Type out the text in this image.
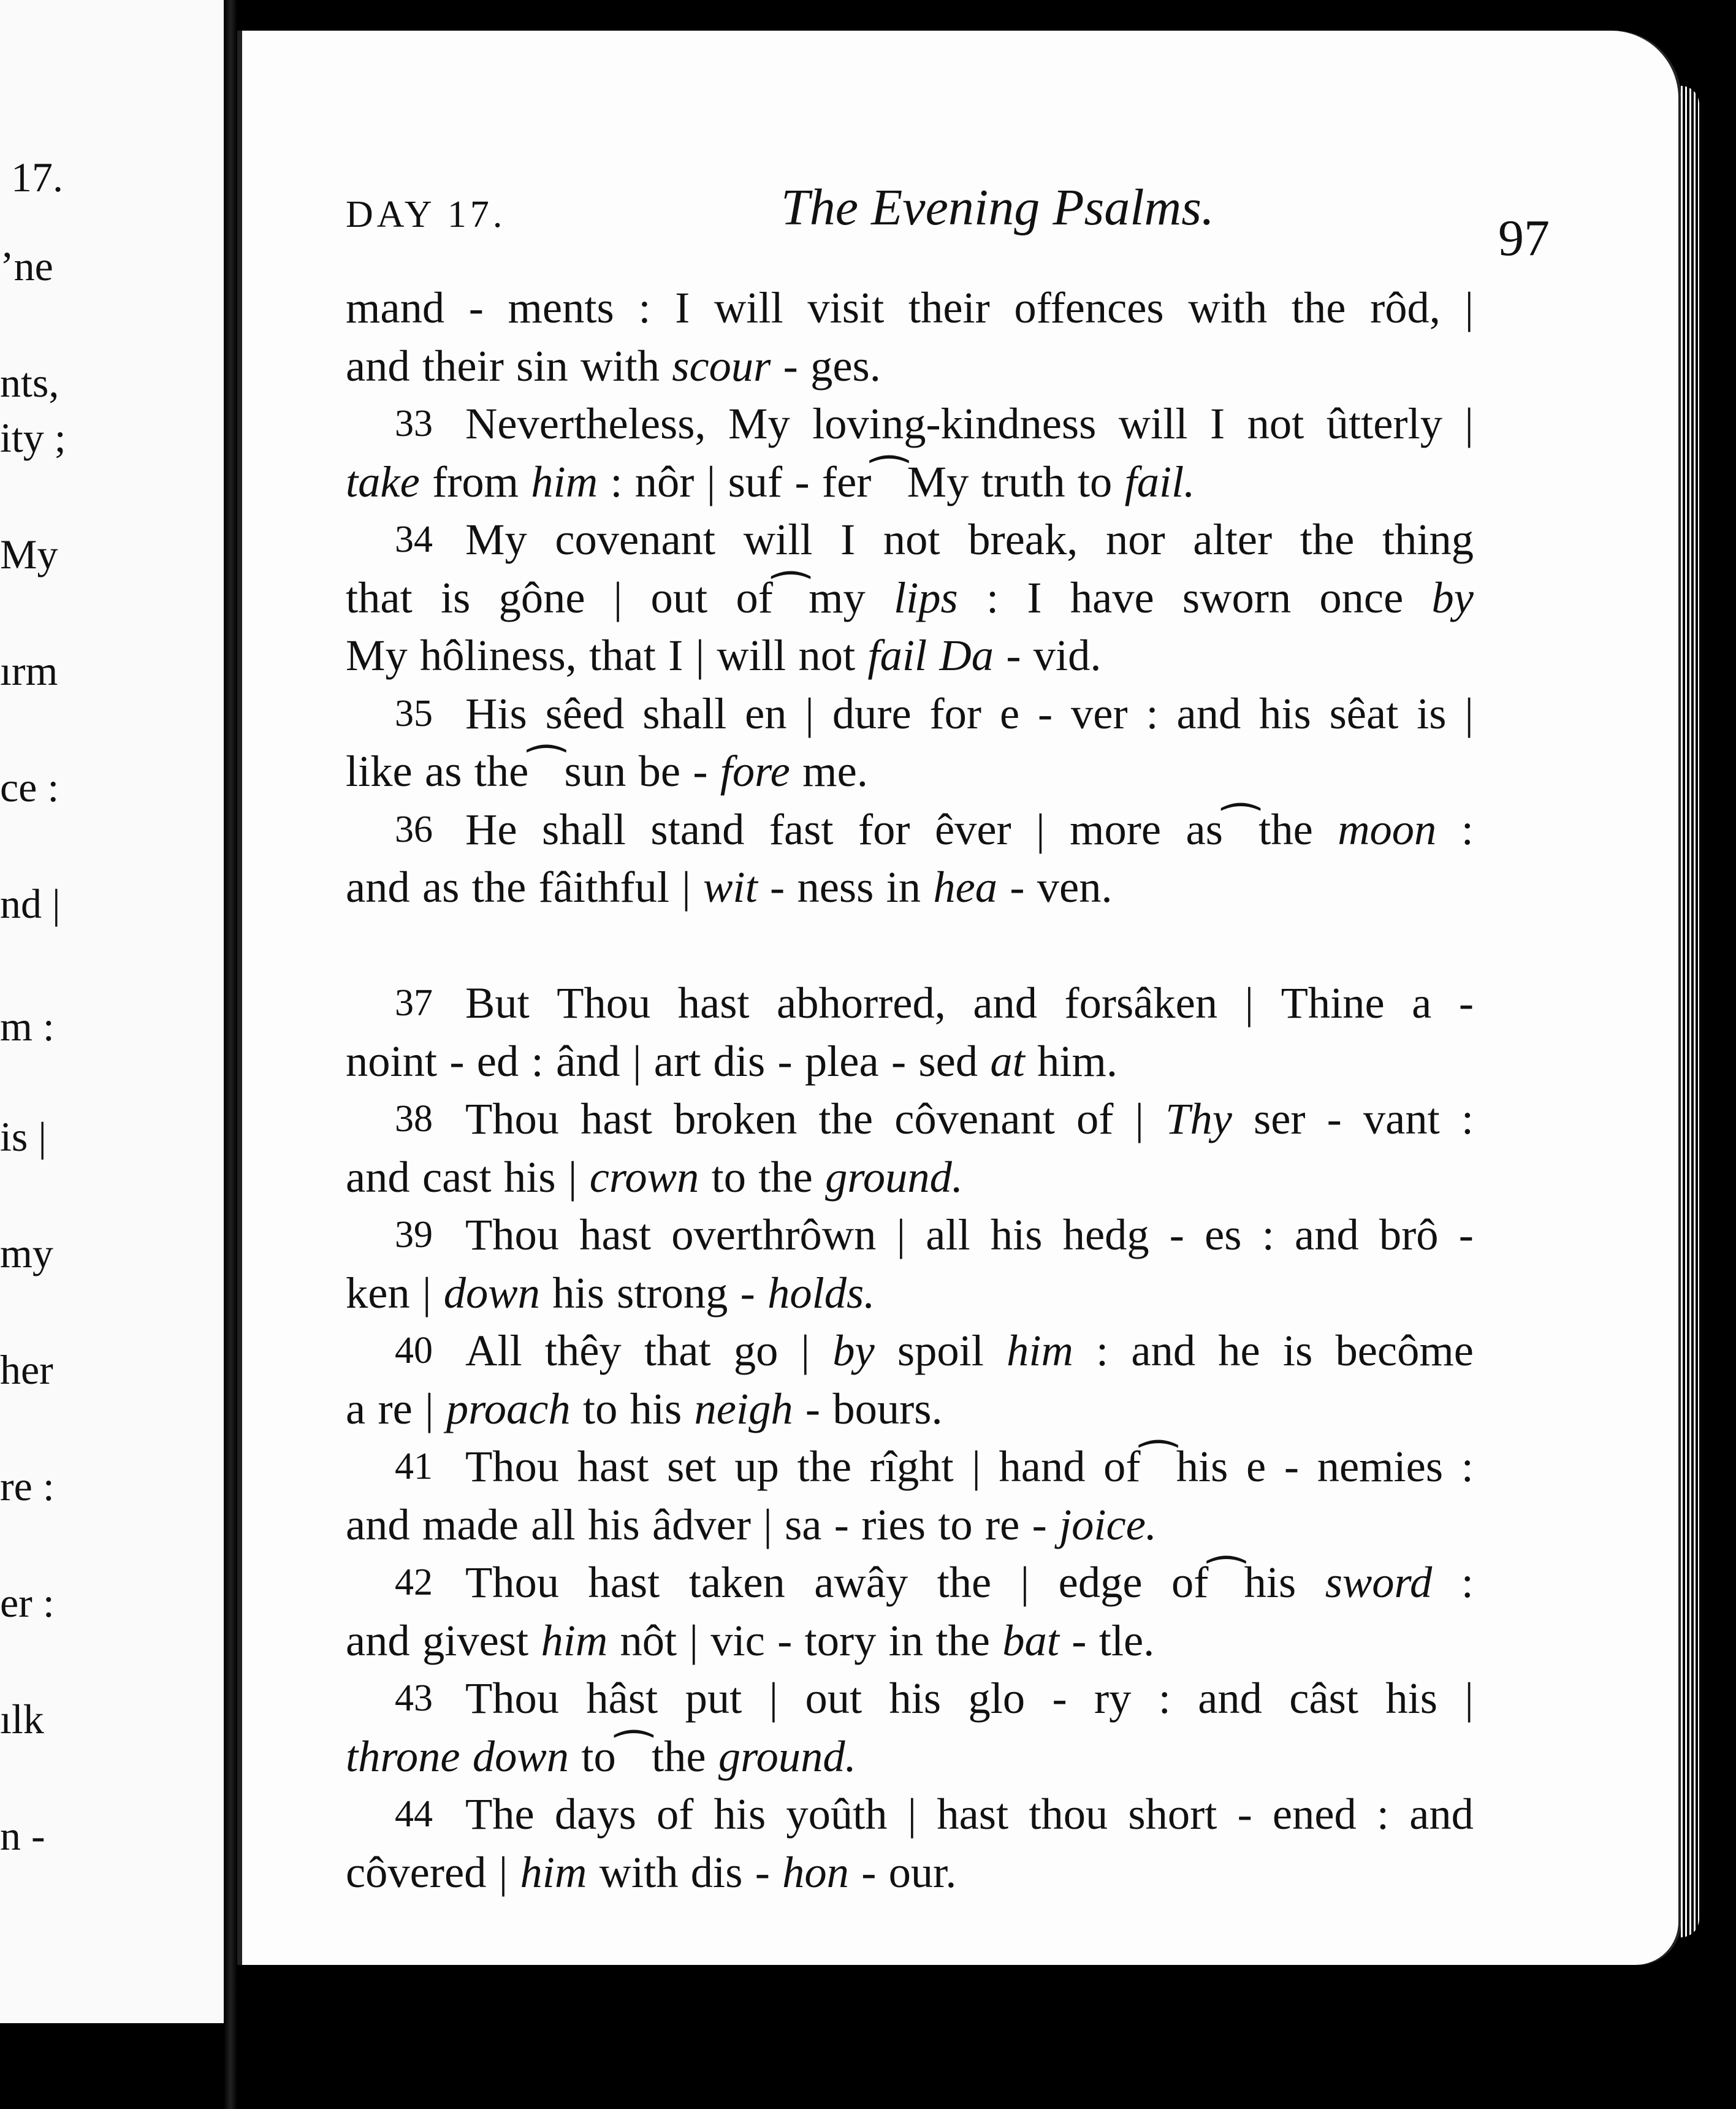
17.
’ne
nts,
ity ;
My
ırm
ce :
nd |
m :
is |
my
her
re :
er :
ılk
n -
DAY 17.	The Evening Psalms.
97
mand - ments : I will visit their offences with the rôd, |
and their sin with scour - ges.
33 Nevertheless, My loving-kindness will I not ûtterly |
take from him : nôr | suf - fer⁀My truth to fail.
34 My covenant will I not break, nor alter the thing
that is gône | out of⁀my lips : I have sworn once by
My hôliness, that I | will not fail Da - vid.
35 His sêed shall en | dure for e - ver : and his sêat is |
like as the⁀sun be - fore me.
36 He shall stand fast for êver | more as⁀the moon :
and as the fâithful | wit - ness in hea - ven.
37 But Thou hast abhorred, and forsâken | Thine a -
noint - ed : ând | art dis - plea - sed at him.
38 Thou hast broken the côvenant of | Thy ser - vant :
and cast his | crown to the ground.
39 Thou hast overthrôwn | all his hedg - es : and brô -
ken | down his strong - holds.
40 All thêy that go | by spoil him : and he is becôme
a re | proach to his neigh - bours.
41 Thou hast set up the rîght | hand of⁀his e - nemies :
and made all his âdver | sa - ries to re - joice.
42 Thou hast taken awây the | edge of⁀his sword :
and givest him nôt | vic - tory in the bat - tle.
43 Thou hâst put | out his glo - ry : and câst his |
throne down to⁀the ground.
44 The days of his yoûth | hast thou short - ened : and
côvered | him with dis - hon - our.
